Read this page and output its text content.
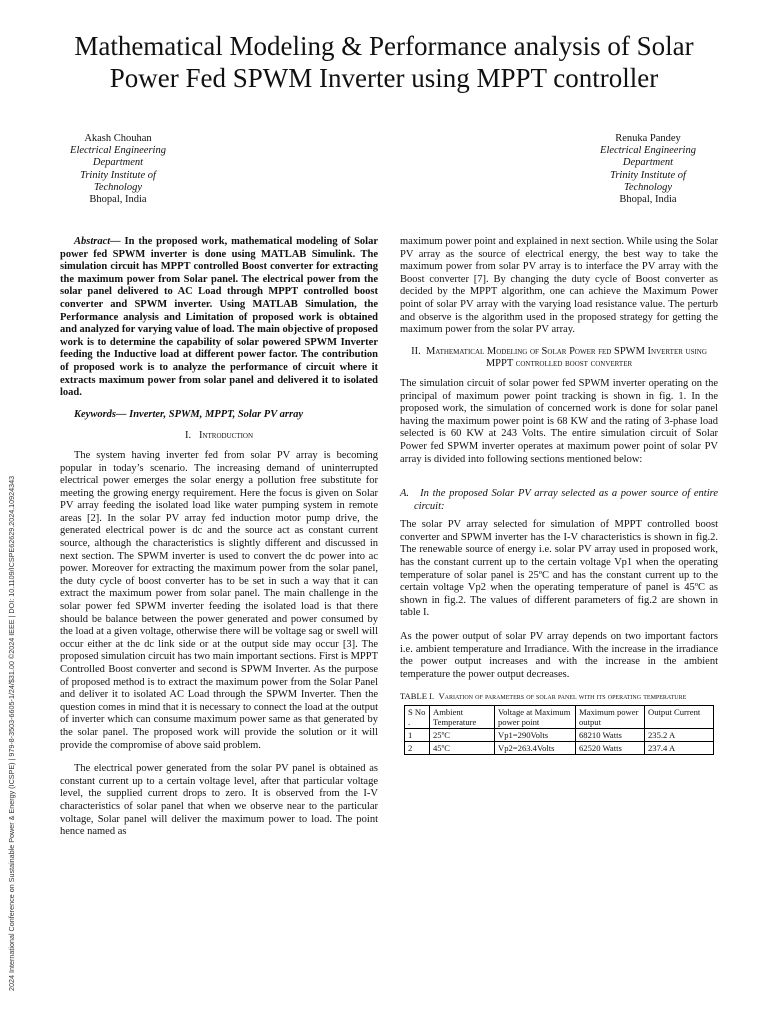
2024 International Conference on Sustainable Power & Energy (ICSPE) | 979-8-3503-6605-1/24/$31.00 ©2024 IEEE | DOI: 10.1109/ICSPE62629.2024.10924343
Mathematical Modeling & Performance analysis of Solar Power Fed SPWM Inverter using MPPT controller
Akash Chouhan
Electrical Engineering
Department
Trinity Institute of
Technology
Bhopal, India
Renuka Pandey
Electrical Engineering
Department
Trinity Institute of
Technology
Bhopal, India

Abstract— In the proposed work, mathematical modeling of Solar power fed SPWM inverter is done using MATLAB Simulink. The simulation circuit has MPPT controlled Boost converter for extracting the maximum power from Solar panel. The electrical power from the solar panel delivered to AC Load through MPPT controlled boost converter and SPWM inverter. Using MATLAB Simulation, the Performance analysis and Limitation of proposed work is obtained and analyzed for varying value of load. The main objective of proposed work is to determine the capability of solar powered SPWM Inverter feeding the Inductive load at different power factor. The contribution of proposed work is to analyze the performance of circuit where it extracts maximum power from solar panel and delivered it to isolated load.

Keywords— Inverter, SPWM, MPPT, Solar PV array

I. Introduction

The system having inverter fed from solar PV array is becoming popular in today’s scenario. The increasing demand of uninterrupted electrical power emerges the solar energy a pollution free substitute for meeting the growing energy requirement. Here the focus is given on Solar PV array feeding the isolated load like water pumping system in remote areas [2]. In the solar PV array fed induction motor pump drive, the generated electrical power is dc and the source act as constant current source, although the characteristics is slightly different and discussed in next section. The SPWM inverter is used to convert the dc power into ac power. Moreover for extracting the maximum power from the solar panel, the duty cycle of boost converter has to be set in such a way that it can extract the maximum power from solar panel. The main challenge in the solar power fed SPWM inverter feeding the isolated load is that there should be balance between the power generated and power consumed by the load at a given voltage, otherwise there will be voltage sag or swell will occur either at the dc link side or at the output side may occur [3]. The proposed simulation circuit has two main important sections. First is MPPT Controlled Boost converter and second is SPWM Inverter. As the purpose of proposed method is to extract the maximum power from the Solar Panel and deliver it to isolated AC Load through the SPWM Inverter. Then the question comes in mind that it is necessary to connect the load at the output of inverter which can consume maximum power same as that generated by the solar panel. The proposed work will provide the solution or it will provide the compromise of above said problem.

The electrical power generated from the solar PV panel is obtained as constant current up to a certain voltage level, after that particular voltage level, the supplied current drops to zero. It is observed from the I-V characteristics of solar panel that when we observe near to the particular voltage, Solar panel will deliver the maximum power to load. The point hence named as

maximum power point and explained in next section. While using the Solar PV array as the source of electrical energy, the best way to take the maximum power from solar PV array is to interface the PV array with the Boost converter [7]. By changing the duty cycle of Boost converter as decided by the MPPT algorithm, one can achieve the Maximum Power point of solar PV array with the varying load resistance value. The perturb and observe is the algorithm used in the proposed strategy for getting the maximum power from the solar PV array.

II. Mathematical Modeling of Solar Power fed SPWM Inverter using MPPT controlled boost converter

The simulation circuit of solar power fed SPWM inverter operating on the principal of maximum power point tracking is shown in fig. 1. In the proposed work, the simulation of concerned work is done for solar panel having the maximum power point is 68 KW and the rating of 3-phase load selected is 60 KW at 243 Volts. The entire simulation circuit of Solar Power fed SPWM inverter operates at maximum power point of solar PV array is divided into following sections mentioned below:

A. In the proposed Solar PV array selected as a power source of entire circuit:

The solar PV array selected for simulation of MPPT controlled boost converter and SPWM inverter has the I-V characteristics is shown in fig.2. The renewable source of energy i.e. solar PV array used in proposed work, has the constant current up to the certain voltage Vp1 when the operating temperature of solar panel is 25ºC and has the constant current up to the certain voltage Vp2 when the operating temperature of panel is 45ºC as shown in fig.2. The values of different parameters of fig.2 are shown in table I.

As the power output of solar PV array depends on two important factors i.e. ambient temperature and Irradiance. With the increase in the irradiance the power output increases and with the increase in the ambient temperature the power output decreases.

TABLE I. Variation of parameters of solar panel with its operating temperature

S No .	Ambient Temperature	Voltage at Maximum power point	Maximum power output	Output Current
1	25ºC	Vp1=290Volts	68210 Watts	235.2 A
2	45ºC	Vp2=263.4Volts	62520 Watts	237.4 A
